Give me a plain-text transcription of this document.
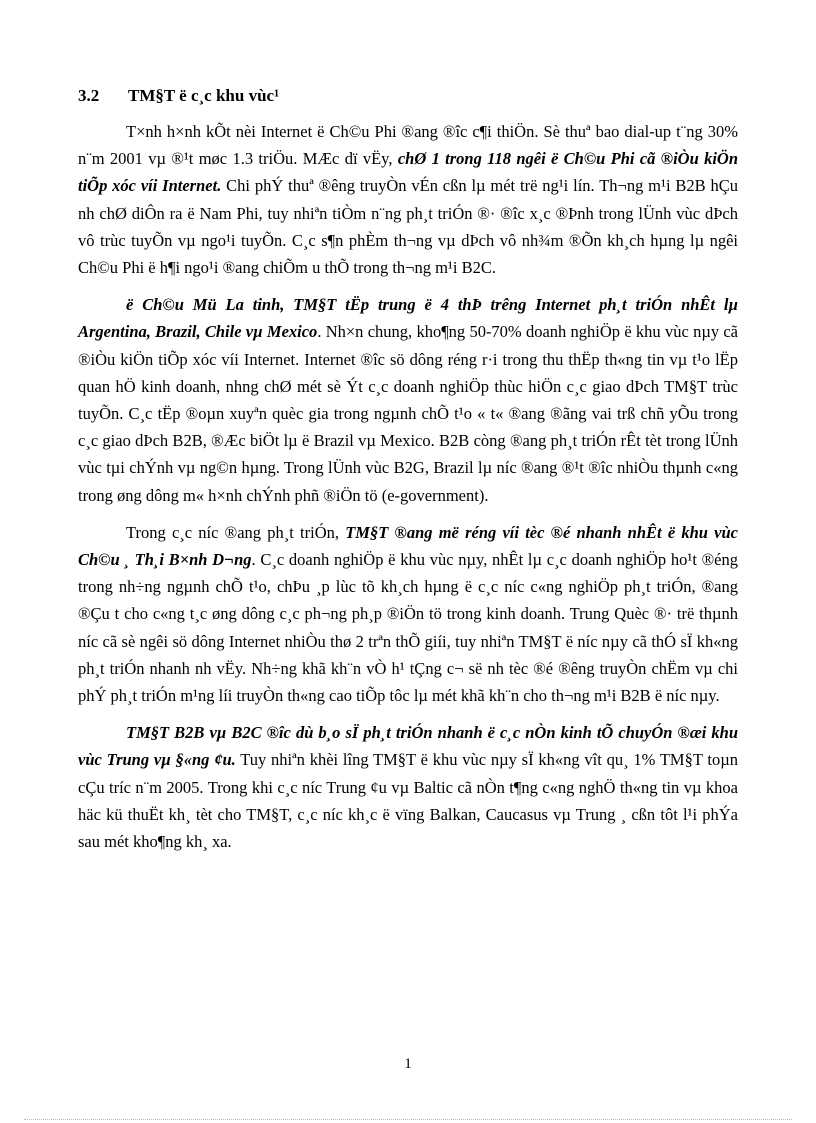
3.2 TM§T ë c¸c khu vùc¹

T×nh h×nh kÕt nèi Internet ë Ch©u Phi ®ang ®îc c¶i thiÖn. Sè thuª bao dial-up t¨ng 30% n¨m 2001 vµ ®¹t møc 1.3 triÖu. MÆc dï vËy, chØ 1 trong 118 ngêi ë Ch©u Phi cã ®iÒu kiÖn tiÕp xóc víi Internet. Chi phÝ thuª ®êng truyÒn vÉn cßn lµ mét trë ng¹i lín. Th¬ng m¹i B2B hÇu nh chØ diÔn ra ë Nam Phi, tuy nhiªn tiÒm n¨ng ph¸t triÓn ®· ®îc x¸c ®Þnh trong lÜnh vùc dÞch vô trùc tuyÕn vµ ngo¹i tuyÕn. C¸c s¶n phÈm th¬ng vµ dÞch vô nh¾m ®Õn kh¸ch hµng lµ ngêi Ch©u Phi ë h¶i ngo¹i ®ang chiÕm u thÕ trong th¬ng m¹i B2C.

ë Ch©u Mü La tinh, TM§T tËp trung ë 4 thÞ trêng Internet ph¸t triÓn nhÊt lµ Argentina, Brazil, Chile vµ Mexico. Nh×n chung, kho¶ng 50-70% doanh nghiÖp ë khu vùc nµy cã ®iÒu kiÖn tiÕp xóc víi Internet. Internet ®îc sö dông réng r·i trong thu thËp th«ng tin vµ t¹o lËp quan hÖ kinh doanh, nhng chØ mét sè Ýt c¸c doanh nghiÖp thùc hiÖn c¸c giao dÞch TM§T trùc tuyÕn. C¸c tËp ®oµn xuyªn quèc gia trong ngµnh chÕ t¹o « t« ®ang ®ãng vai trß chñ yÕu trong c¸c giao dÞch B2B, ®Æc biÖt lµ ë Brazil vµ Mexico. B2B còng ®ang ph¸t triÓn rÊt tèt trong lÜnh vùc tµi chÝnh vµ ng©n hµng. Trong lÜnh vùc B2G, Brazil lµ níc ®ang ®¹t ®îc nhiÒu thµnh c«ng trong øng dông m« h×nh chÝnh phñ ®iÖn tö (e-government).

Trong c¸c níc ®ang ph¸t triÓn, TM§T ®ang më réng víi tèc ®é nhanh nhÊt ë khu vùc Ch©u ¸ Th¸i B×nh D¬ng. C¸c doanh nghiÖp ë khu vùc nµy, nhÊt lµ c¸c doanh nghiÖp ho¹t ®éng trong nh÷ng ngµnh chÕ t¹o, chÞu ¸p lùc tõ kh¸ch hµng ë c¸c níc c«ng nghiÖp ph¸t triÓn, ®ang ®Çu t cho c«ng t¸c øng dông c¸c ph¬ng ph¸p ®iÖn tö trong kinh doanh. Trung Quèc ®· trë thµnh níc cã sè ngêi sö dông Internet nhiÒu thø 2 trªn thÕ giíi, tuy nhiªn TM§T ë níc nµy cã thÓ sÏ kh«ng ph¸t triÓn nhanh nh vËy. Nh÷ng khã kh¨n vÒ h¹ tÇng c¬ së nh tèc ®é ®êng truyÒn chËm vµ chi phÝ ph¸t triÓn m¹ng líi truyÒn th«ng cao tiÕp tôc lµ mét khã kh¨n cho th¬ng m¹i B2B ë níc nµy.

TM§T B2B vµ B2C ®îc dù b¸o sÏ ph¸t triÓn nhanh ë c¸c nÒn kinh tÕ chuyÓn ®æi khu vùc Trung vµ §«ng ¢u. Tuy nhiªn khèi lîng TM§T ë khu vùc nµy sÏ kh«ng vît qu¸ 1% TM§T toµn cÇu tríc n¨m 2005. Trong khi c¸c níc Trung ¢u vµ Baltic cã nÒn t¶ng c«ng nghÖ th«ng tin vµ khoa häc kü thuËt kh¸ tèt cho TM§T, c¸c níc kh¸c ë vïng Balkan, Caucasus vµ Trung ¸ cßn tôt l¹i phÝa sau mét kho¶ng kh¸ xa.

1
